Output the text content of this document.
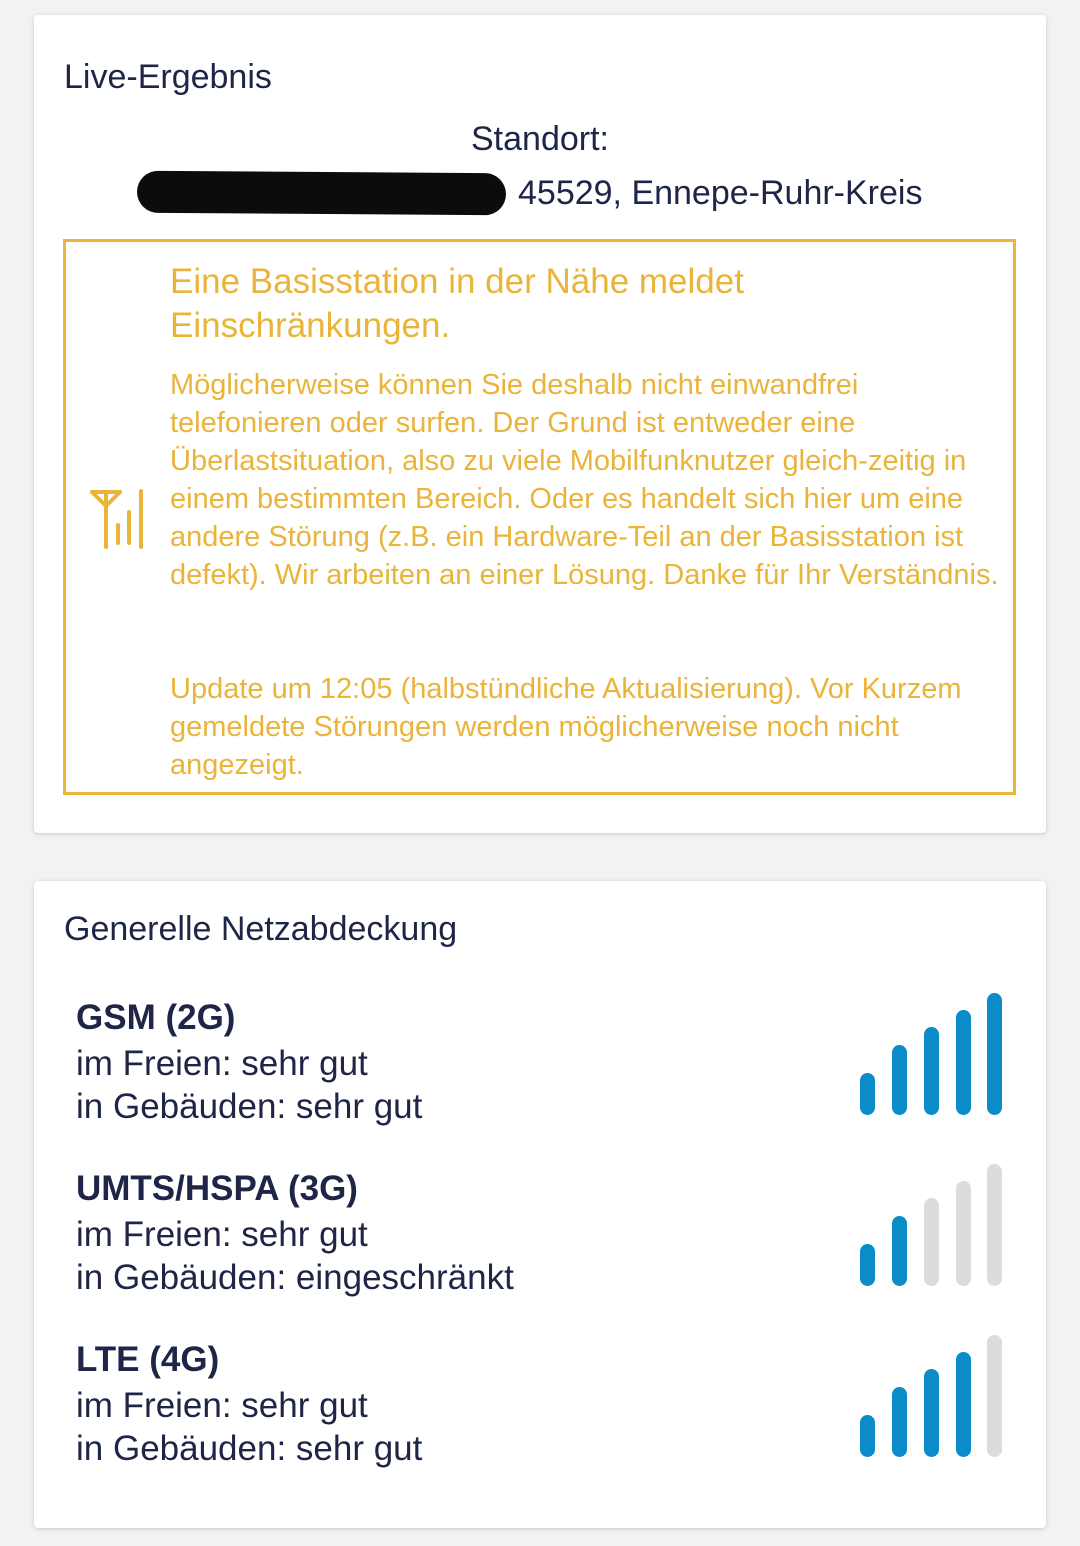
Live-Ergebnis
Standort:
45529, Ennepe-Ruhr-Kreis
Eine Basisstation in der Nähe meldet Einschränkungen.
Möglicherweise können Sie deshalb nicht einwandfrei telefonieren oder surfen. Der Grund ist entweder eine Überlastsituation, also zu viele Mobilfunknutzer gleich-zeitig in einem bestimmten Bereich. Oder es handelt sich hier um eine andere Störung (z.B. ein Hardware-Teil an der Basisstation ist defekt). Wir arbeiten an einer Lösung. Danke für Ihr Verständnis.
Update um 12:05 (halbstündliche Aktualisierung). Vor Kurzem gemeldete Störungen werden möglicherweise noch nicht angezeigt.
Generelle Netzabdeckung
GSM (2G)
im Freien: sehr gut
in Gebäuden: sehr gut
UMTS/HSPA (3G)
im Freien: sehr gut
in Gebäuden: eingeschränkt
LTE (4G)
im Freien: sehr gut
in Gebäuden: sehr gut
